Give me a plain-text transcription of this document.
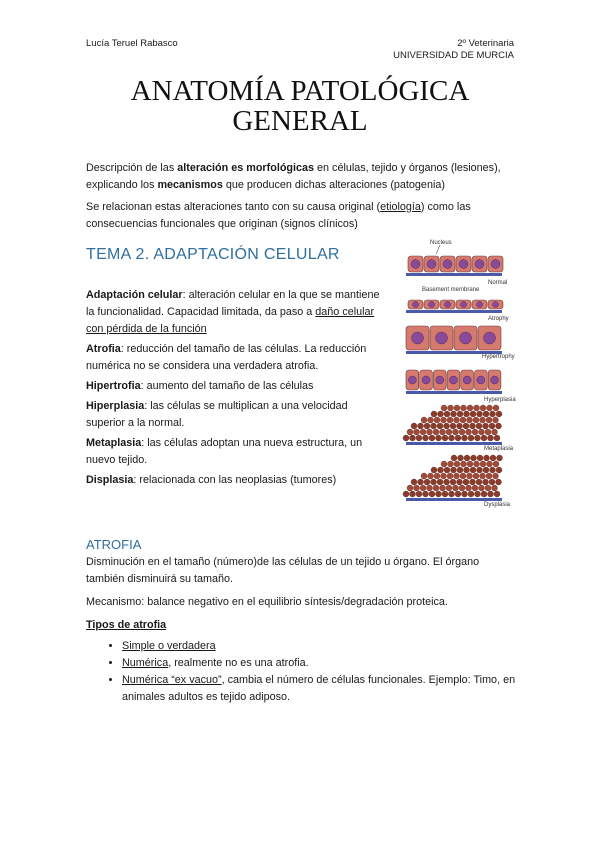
Lucía Teruel Rabasco	2º Veterinaria
UNIVERSIDAD DE MURCIA
ANATOMÍA PATOLÓGICA
GENERAL
Descripción de las alteración es morfológicas en células, tejido y órganos (lesiones), explicando los mecanismos que producen dichas alteraciones (patogenia)
Se relacionan estas alteraciones tanto con su causa original (etiología) como las consecuencias funcionales que originan (signos clínicos)
TEMA 2. ADAPTACIÓN CELULAR
Adaptación celular: alteración celular en la que se mantiene la funcionalidad. Capacidad limitada, da paso a daño celular con pérdida de la función
Atrofia: reducción del tamaño de las células. La reducción numérica no se considera una verdadera atrofia.
Hipertrofia: aumento del tamaño de las células
Hiperplasia: las células se multiplican a una velocidad superior a la normal.
Metaplasia: las células adoptan una nueva estructura, un nuevo tejido.
Displasia: relacionada con las neoplasias (tumores)
Nucleus
Normal
Basement membrane
Atrophy
Hypertrophy
Hyperplasia
Metaplasia
Dysplasia
ATROFIA
Disminución en el tamaño (número)de las células de un tejido u órgano. El órgano también disminuirá su tamaño.
Mecanismo: balance negativo en el equilibrio síntesis/degradación proteica.
Tipos de atrofia
• Simple o verdadera
• Numérica, realmente no es una atrofia.
• Numérica “ex vacuo”, cambia el número de células funcionales. Ejemplo: Timo, en animales adultos es tejido adiposo.
